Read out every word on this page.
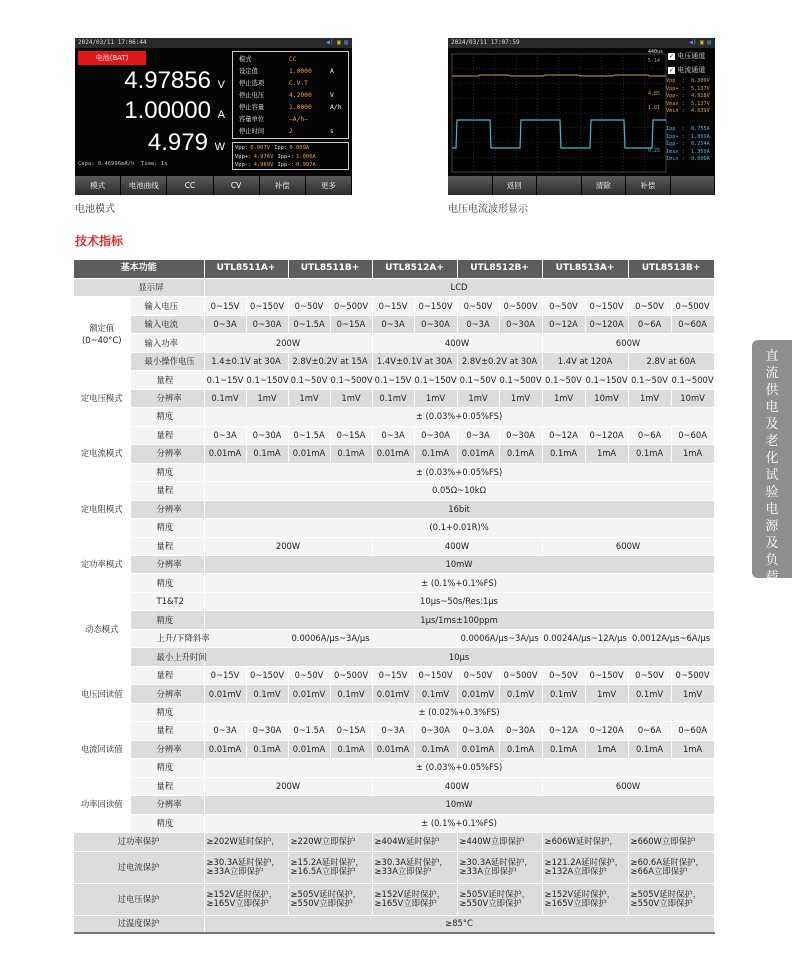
2024/03/11 17:06:44	◀) ▣ ▤
电池(BAT)
4.97856 V
1.00000 A
4.979 W
Capa: 0.46996mA/h Time: 1s
模式	CC
设定值	1.0000	A
停止选项	C.V.T
停止电压	4.2000	V
停止容量	1.0000	A/h
容量单位	—A/h—
停止时间	2	s
Vpp: 0.007V Ipp: 0.009A
Vpp+: 4.976V Ipp+: 1.006A
Vpp-: 4.969V Ipp-: 0.997A
模式	电池曲线	CC	CV	补偿	更多
电池模式
2024/03/11 17:07:59	◀) ▣ ▤
440us
5.14
4.85
1.01
0.25
✓ 电压通道
✓ 电流通道
Vpp  :  0.309V
Vpp+ :  5.137V
Vpp- :  4.828V
Vmax :  5.137V
Vmin :  4.639V
Ipp  :  0.755A
Ipp+ :  1.009A
Ipp- :  0.254A
Imax :  1.350A
Imin :  0.000A
返回	清除	补偿
电压电流波形显示
技术指标
直
流
供
电
及
老
化
试
验
电
源
及
负
载
基本功能		UTL8511A+		UTL8511B+		UTL8512A+		UTL8512B+		UTL8513A+		UTL8513B+	
显示屏		LCD											
额定值
(0~40°C)	输入电压	0~15V	0~150V	0~50V	0~500V	0~15V	0~150V	0~50V	0~500V	0~50V	0~150V	0~50V	0~500V
	输入电流	0~3A	0~30A	0~1.5A	0~15A	0~3A	0~30A	0~3A	0~30A	0~12A	0~120A	0~6A	0~60A
	输入功率	200W				400W				600W			
	最小操作电压	1.4±0.1V at 30A		2.8V±0.2V at 15A		1.4V±0.1V at 30A		2.8V±0.2V at 30A		1.4V at 120A		2.8V at 60A	
定电压模式	量程	0.1~15V	0.1~150V	0.1~50V	0.1~500V	0.1~15V	0.1~150V	0.1~50V	0.1~500V	0.1~50V	0.1~150V	0.1~50V	0.1~500V
	分辨率	0.1mV	1mV	1mV	1mV	0.1mV	1mV	1mV	1mV	1mV	10mV	1mV	10mV
	精度	± (0.03%+0.05%FS)											
定电流模式	量程	0~3A	0~30A	0~1.5A	0~15A	0~3A	0~30A	0~3A	0~30A	0~12A	0~120A	0~6A	0~60A
	分辨率	0.01mA	0.1mA	0.01mA	0.1mA	0.01mA	0.1mA	0.01mA	0.1mA	0.1mA	1mA	0.1mA	1mA
	精度	± (0.03%+0.05%FS)											
定电阻模式	量程	0.05Ω~10kΩ											
	分辨率	16bit											
	精度	(0.1+0.01R)%											
定功率模式	量程	200W				400W				600W			
	分辨率	10mW											
	精度	± (0.1%+0.1%FS)											
动态模式	T1&T2	10μs~50s/Res:1μs											
	精度	1μs/1ms±100ppm											
	上升/下降斜率	0.0006A/μs~3A/μs						0.0006A/μs~3A/μs		0.0024A/μs~12A/μs		0.0012A/μs~6A/μs	
	最小上升时间	10μs											
电压回读值	量程	0~15V	0~150V	0~50V	0~500V	0~15V	0~150V	0~50V	0~500V	0~50V	0~150V	0~50V	0~500V
	分辨率	0.01mV	0.1mV	0.01mV	0.1mV	0.01mV	0.1mV	0.01mV	0.1mV	0.1mV	1mV	0.1mV	1mV
	精度	± (0.02%+0.3%FS)											
电流回读值	量程	0~3A	0~30A	0~1.5A	0~15A	0~3A	0~30A	0~3.0A	0~30A	0~12A	0~120A	0~6A	0~60A
	分辨率	0.01mA	0.1mA	0.01mA	0.1mA	0.01mA	0.1mA	0.01mA	0.1mA	0.1mA	1mA	0.1mA	1mA
	精度	± (0.03%+0.05%FS)											
功率回读值	量程	200W				400W				600W			
	分辨率	10mW											
	精度	± (0.1%+0.1%FS)											
过功率保护		≥202W延时保护，		≥220W立即保护		≥404W延时保护		≥440W立即保护		≥606W延时保护，		≥660W立即保护	
过电流保护		≥30.3A延时保护，≥33A立即保护		≥15.2A延时保护，≥16.5A立即保护		≥30.3A延时保护，≥33A立即保护		≥30.3A延时保护，≥33A立即保护		≥121.2A延时保护，≥132A立即保护		≥60.6A延时保护，≥66A立即保护	
过电压保护		≥152V延时保护，≥165V立即保护		≥505V延时保护，≥550V立即保护		≥152V延时保护，≥165V立即保护		≥505V延时保护，≥550V立即保护		≥152V延时保护，≥165V立即保护		≥505V延时保护，≥550V立即保护	
过温度保护		≥85°C											
